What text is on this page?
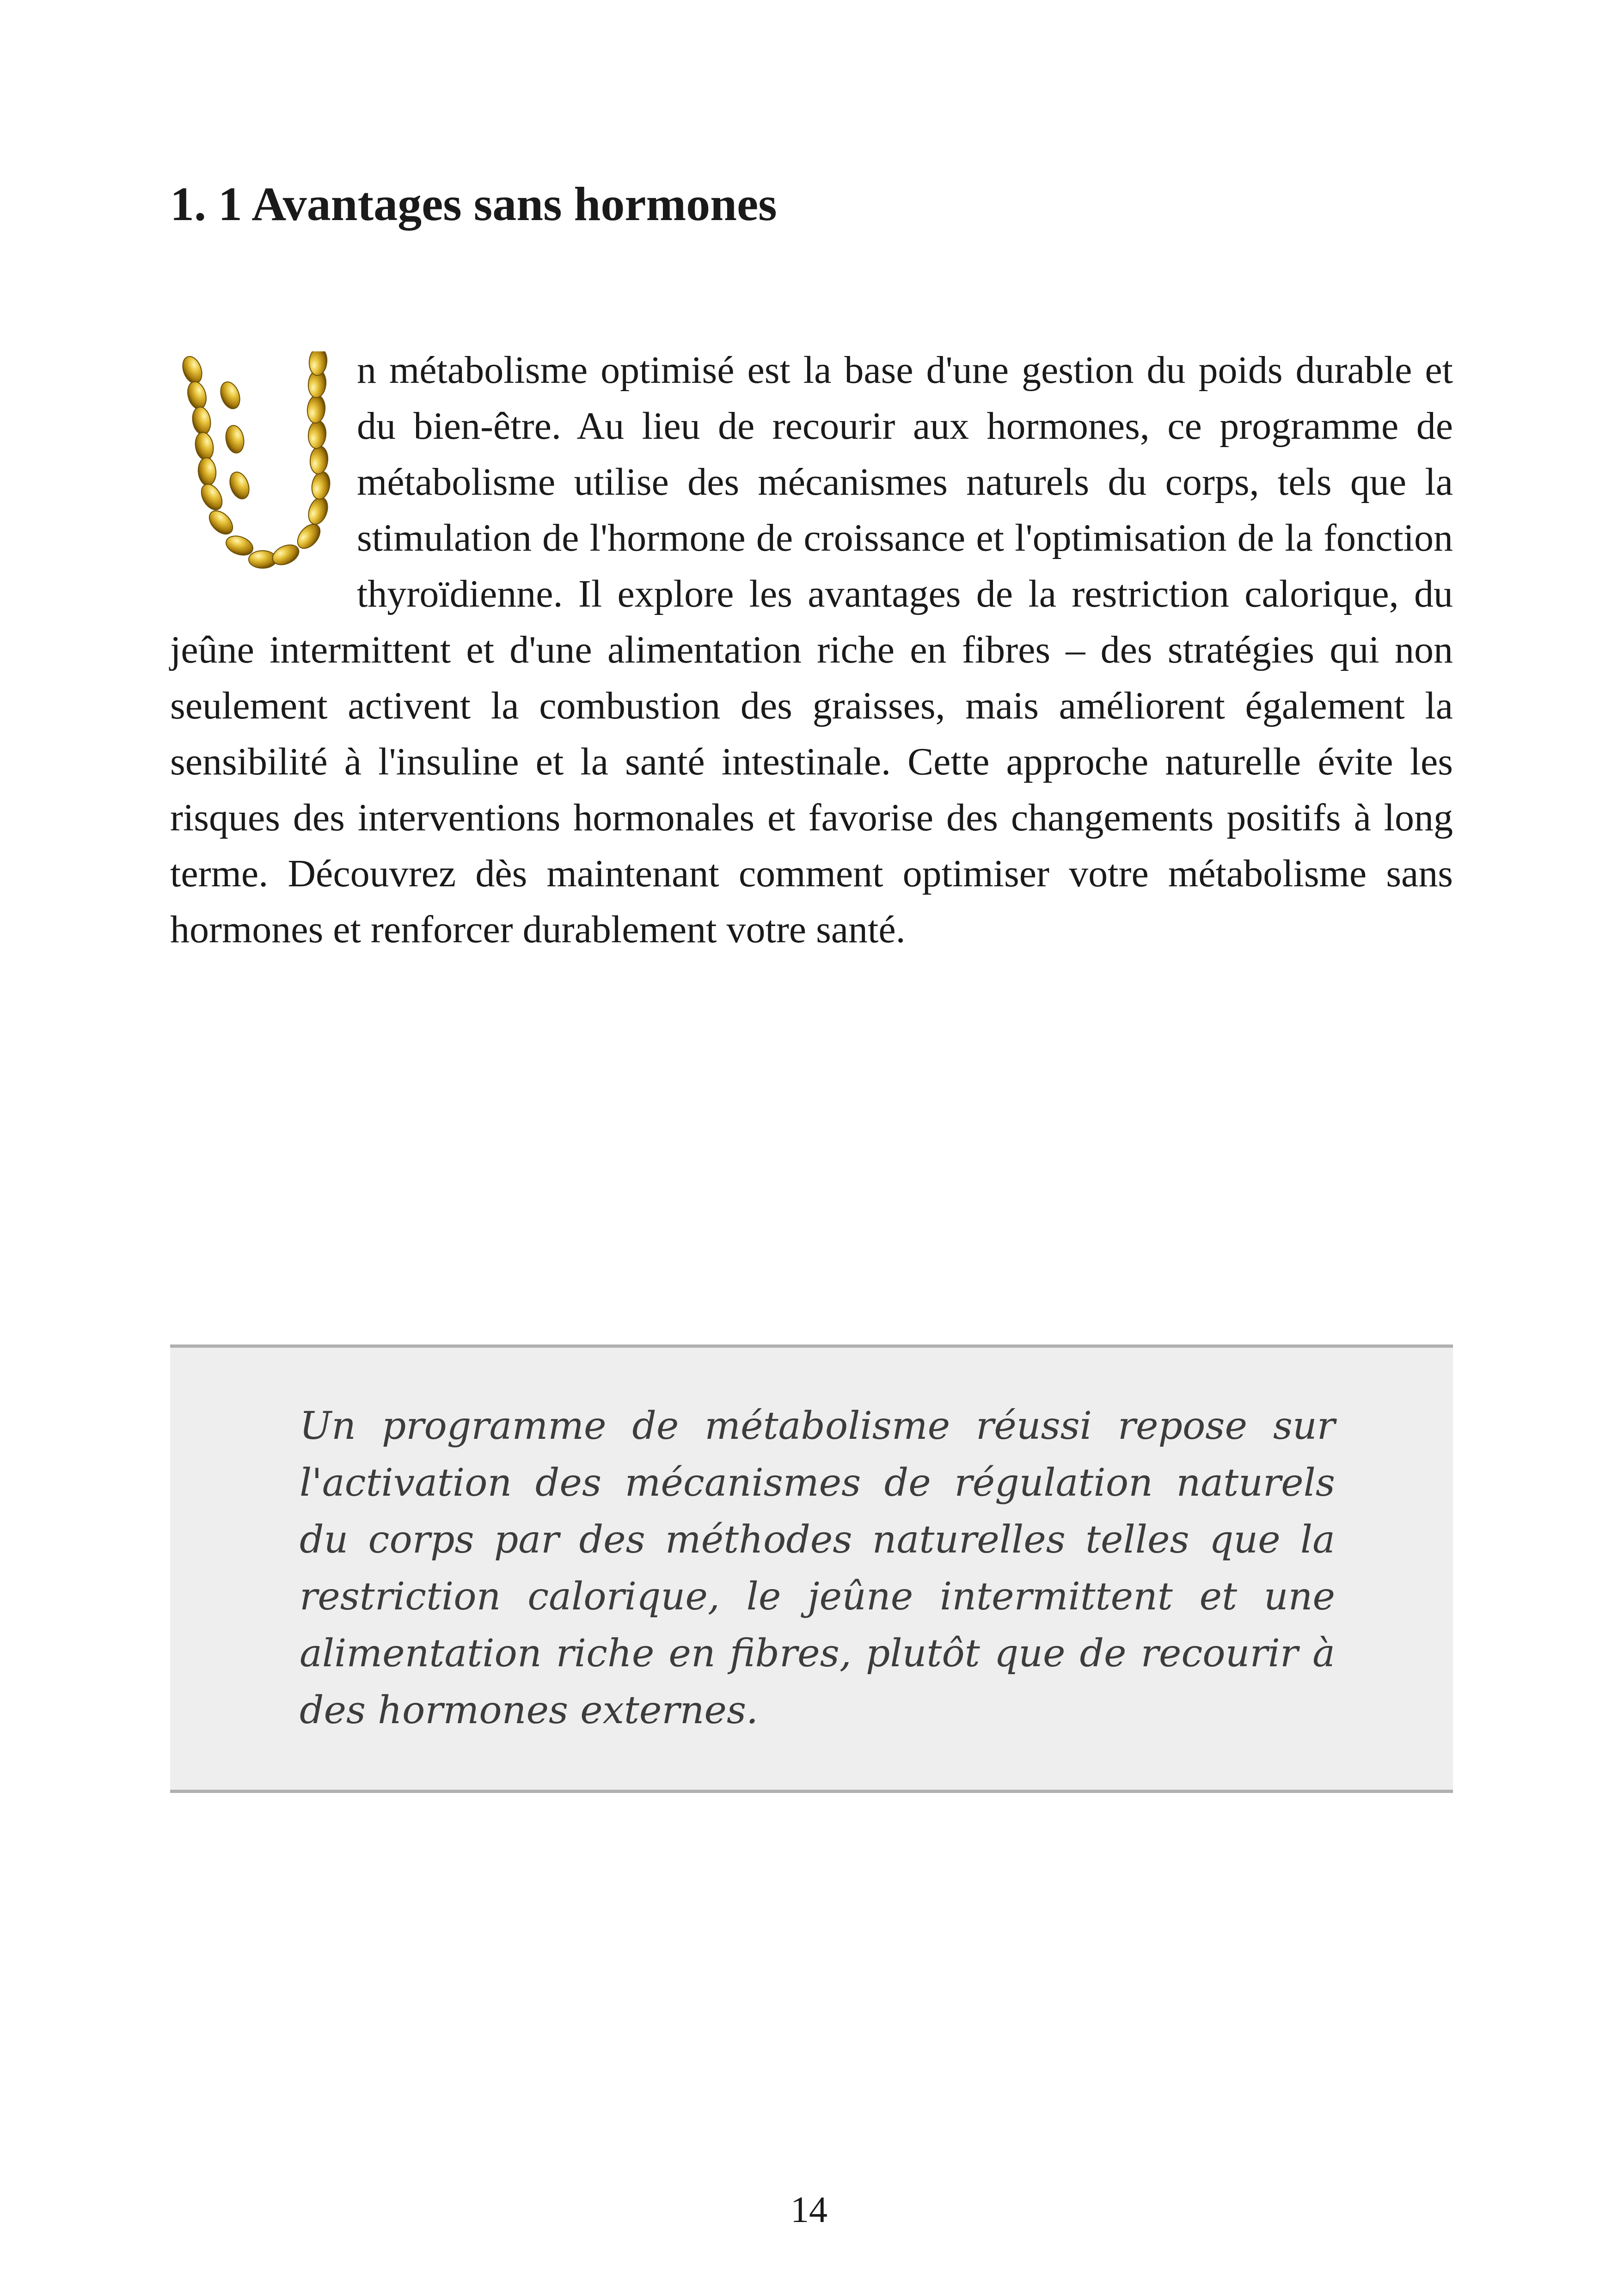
1. 1 Avantages sans hormones

n métabolisme optimisé est la base d'une gestion du poids durable et du bien-être. Au lieu de recourir aux hormones, ce programme de métabolisme utilise des mécanismes naturels du corps, tels que la stimulation de l'hormone de croissance et l'optimisation de la fonction thyroïdienne. Il explore les avantages de la restriction calorique, du jeûne intermittent et d'une alimentation riche en fibres – des stratégies qui non seulement activent la combustion des graisses, mais améliorent également la sensibilité à l'insuline et la santé intestinale. Cette approche naturelle évite les risques des interventions hormonales et favorise des changements positifs à long terme. Découvrez dès maintenant comment optimiser votre métabolisme sans hormones et renforcer durablement votre santé.

Un programme de métabolisme réussi repose sur l'activation des mécanismes de régulation naturels du corps par des méthodes naturelles telles que la restriction calorique, le jeûne intermittent et une alimentation riche en fibres, plutôt que de recourir à des hormones externes.

14
